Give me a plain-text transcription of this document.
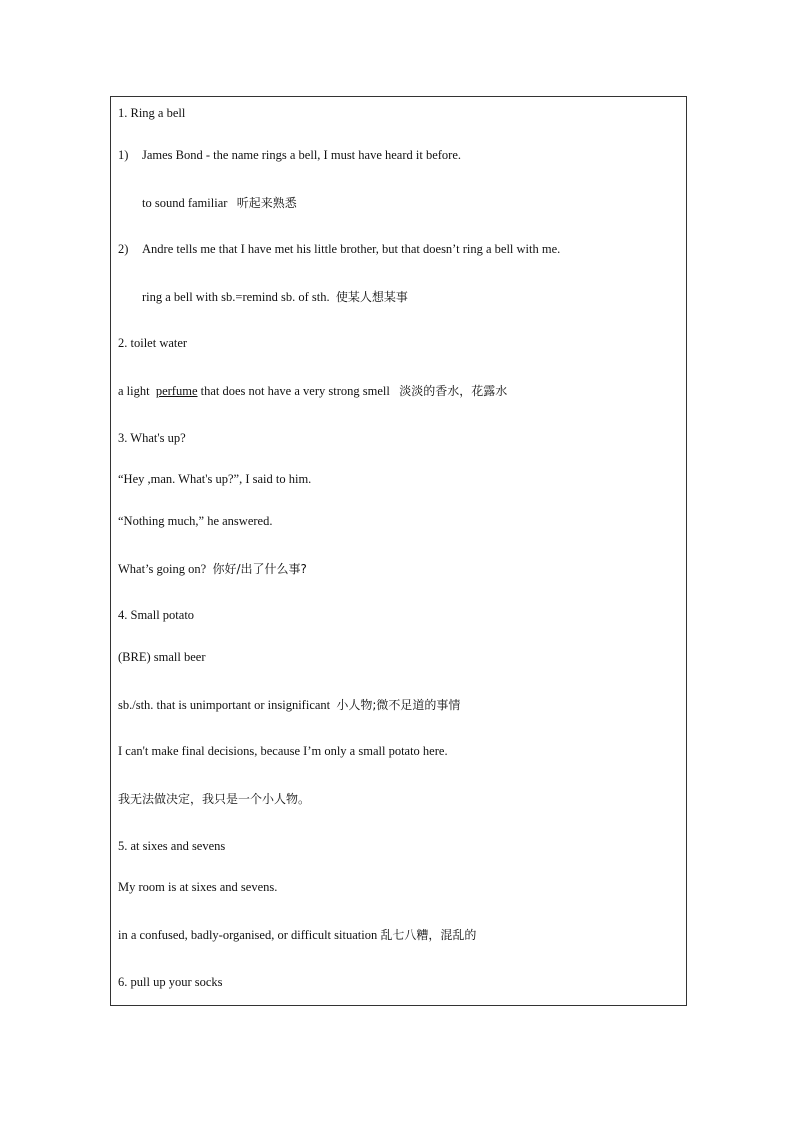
1. Ring a bell
1) James Bond - the name rings a bell, I must have heard it before.
to sound familiar 听起来熟悉
2) Andre tells me that I have met his little brother, but that doesn’t ring a bell with me.
ring a bell with sb.=remind sb. of sth. 使某人想某事
2. toilet water
a light perfume that does not have a very strong smell 淡淡的香水，花露水
3. What's up?
“Hey ,man. What's up?”, I said to him.
“Nothing much,” he answered.
What’s going on? 你好/出了什么事?
4. Small potato
(BRE) small beer
sb./sth. that is unimportant or insignificant 小人物;微不足道的事情
I can't make final decisions, because I’m only a small potato here.
我无法做决定，我只是一个小人物。
5. at sixes and sevens
My room is at sixes and sevens.
in a confused, badly-organised, or difficult situation 乱七八糟，混乱的
6. pull up your socks
